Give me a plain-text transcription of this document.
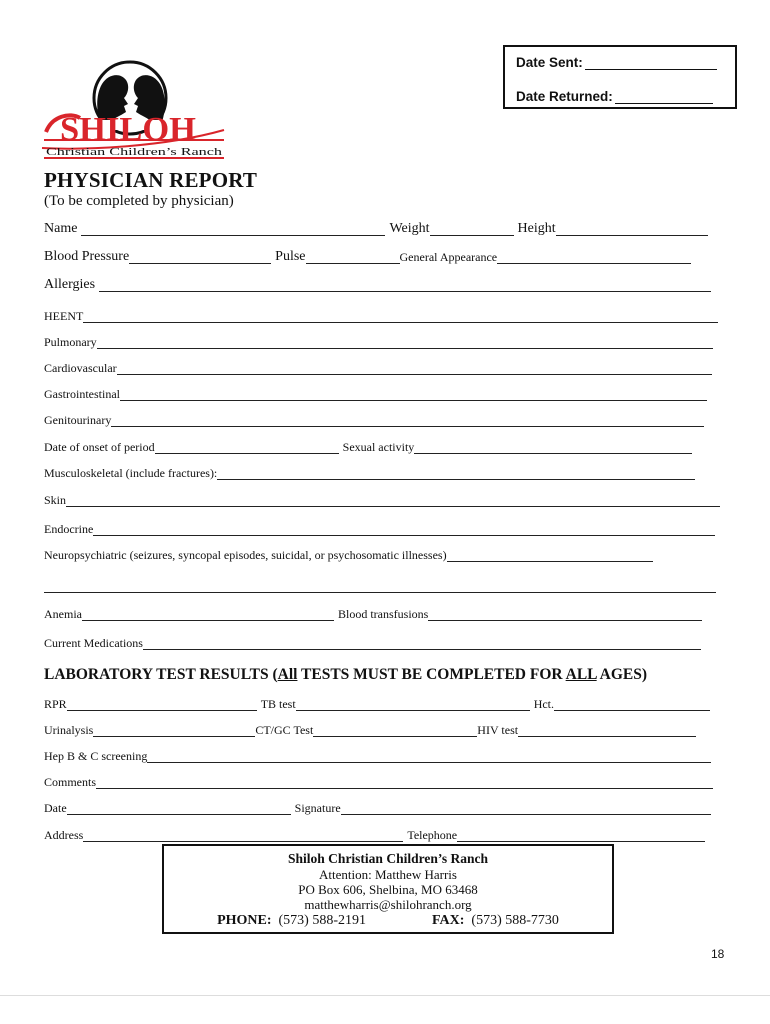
Date Sent:
Date Returned:
SHILOH
Christian Children’s Ranch
PHYSICIAN REPORT
(To be completed by physician)
Name	Weight	Height
Blood Pressure	Pulse	General Appearance
Allergies
HEENT
Pulmonary
Cardiovascular
Gastrointestinal
Genitourinary
Date of onset of period	Sexual activity
Musculoskeletal (include fractures):
Skin
Endocrine
Neuropsychiatric (seizures, syncopal episodes, suicidal, or psychosomatic illnesses)
Anemia	Blood transfusions
Current Medications
LABORATORY TEST RESULTS (All TESTS MUST BE COMPLETED FOR ALL AGES)
RPR	TB test	Hct.
Urinalysis	CT/GC Test	HIV test
Hep B & C screening
Comments
Date	Signature
Address	Telephone
Shiloh Christian Children’s Ranch
Attention: Matthew Harris
PO Box 606, Shelbina, MO 63468
matthewharris@shilohranch.org
PHONE: (573) 588-2191	FAX: (573) 588-7730
18
